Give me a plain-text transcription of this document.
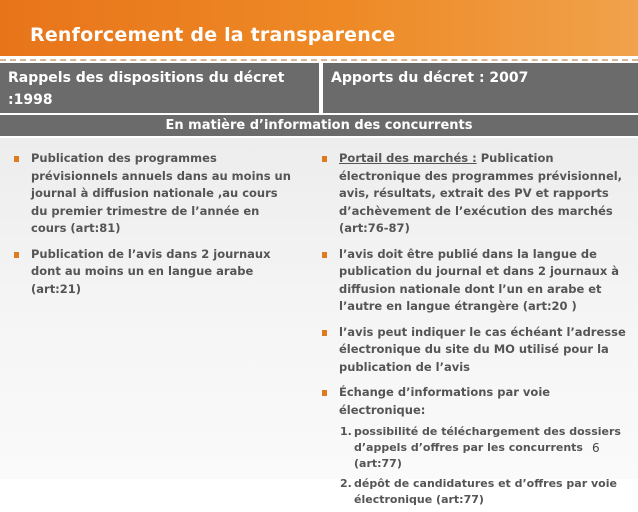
Renforcement de la transparence
Rappels des dispositions du décret :1998
Apports du décret : 2007
En matière d’information des concurrents
Publication des programmes prévisionnels annuels dans au moins un journal à diffusion nationale ,au cours du premier trimestre de l’année en cours (art:81)
Publication de l’avis dans 2 journaux dont au moins un en langue arabe (art:21)
Portail des marchés : Publication électronique des programmes prévisionnel, avis, résultats, extrait des PV et rapports d’achèvement de l’exécution des marchés (art:76-87)
l’avis doit être publié dans la langue de publication du journal et dans 2 journaux à diffusion nationale dont l’un en arabe et l’autre en langue étrangère (art:20 )
l’avis peut indiquer le cas échéant l’adresse électronique du site du MO utilisé pour la publication de l’avis
Échange d’informations par voie électronique:
1. possibilité de téléchargement des dossiers d’appels d’offres par les concurrents (art:77)
2. dépôt de candidatures et d’offres par voie électronique (art:77)
6
